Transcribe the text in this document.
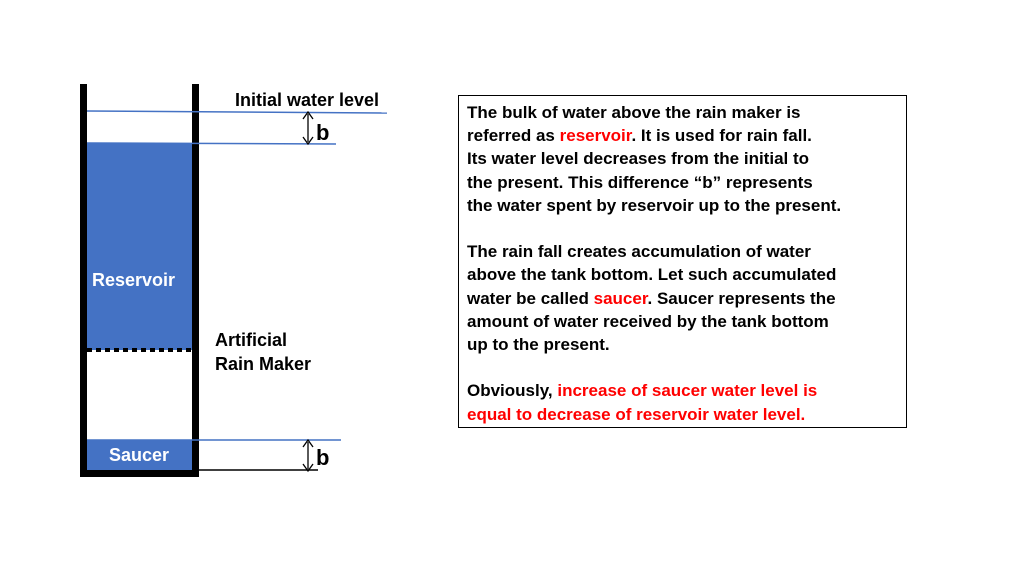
Initial water level
b
b
Reservoir
Artificial
Rain Maker
Saucer

The bulk of water above the rain maker is

referred as reservoir. It is used for rain fall.

Its water level decreases from the initial to

the present. This difference “b” represents

the water spent by reservoir up to the present.

The rain fall creates accumulation of water

above the tank bottom. Let such accumulated

water be called saucer. Saucer represents the

amount of water received by the tank bottom

up to the present.

Obviously, increase of saucer water level is

equal to decrease of reservoir water level.
